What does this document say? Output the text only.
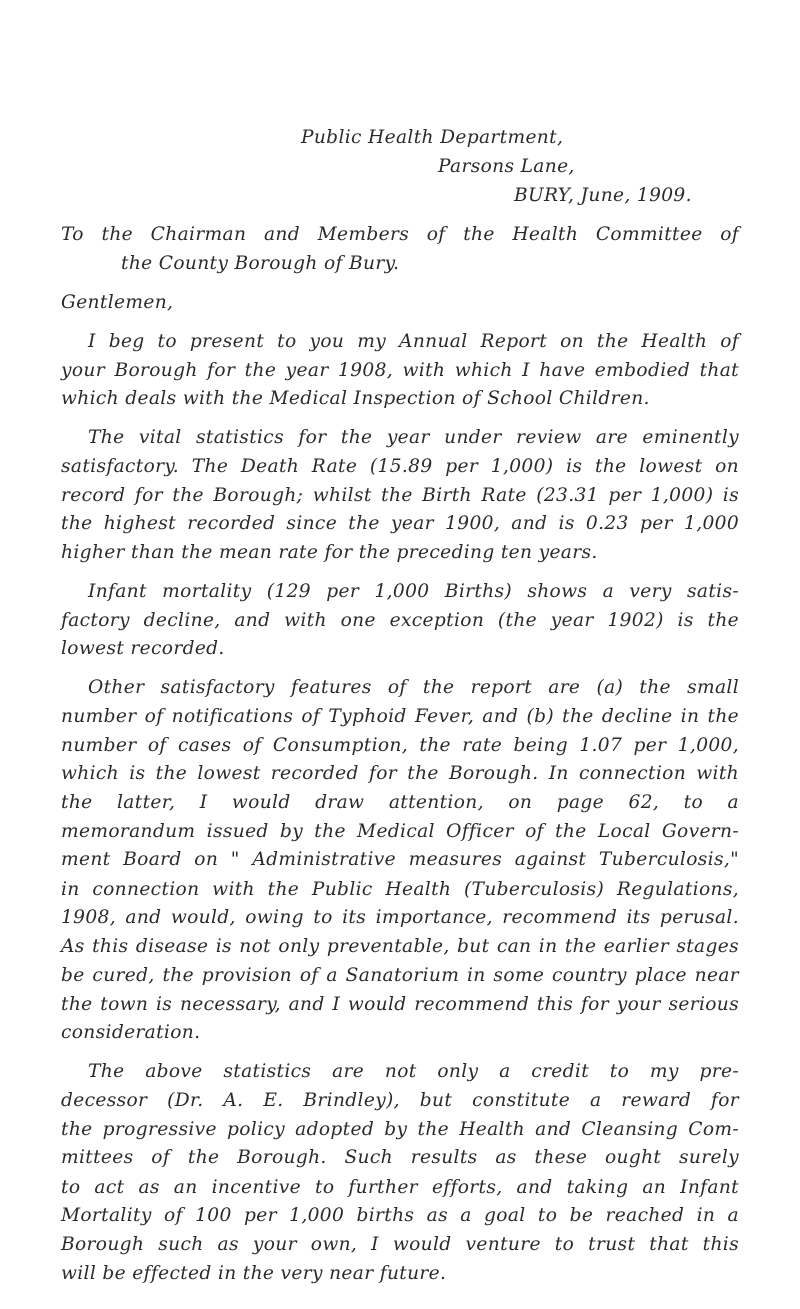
Public Health Department,
Parsons Lane,
BURY, June, 1909.
To the Chairman and Members of the Health Committee of
the County Borough of Bury.
Gentlemen,
I beg to present to you my Annual Report on the Health of
your Borough for the year 1908, with which I have embodied that
which deals with the Medical Inspection of School Children.
The vital statistics for the year under review are eminently
satisfactory. The Death Rate (15.89 per 1,000) is the lowest on
record for the Borough; whilst the Birth Rate (23.31 per 1,000) is
the highest recorded since the year 1900, and is 0.23 per 1,000
higher than the mean rate for the preceding ten years.
Infant mortality (129 per 1,000 Births) shows a very satis-
factory decline, and with one exception (the year 1902) is the
lowest recorded.
Other satisfactory features of the report are (a) the small
number of notifications of Typhoid Fever, and (b) the decline in the
number of cases of Consumption, the rate being 1.07 per 1,000,
which is the lowest recorded for the Borough. In connection with
the latter, I would draw attention, on page 62, to a
memorandum issued by the Medical Officer of the Local Govern-
ment Board on " Administrative measures against Tuberculosis,"
in connection with the Public Health (Tuberculosis) Regulations,
1908, and would, owing to its importance, recommend its perusal.
As this disease is not only preventable, but can in the earlier stages
be cured, the provision of a Sanatorium in some country place near
the town is necessary, and I would recommend this for your serious
consideration.
The above statistics are not only a credit to my pre-
decessor (Dr. A. E. Brindley), but constitute a reward for
the progressive policy adopted by the Health and Cleansing Com-
mittees of the Borough. Such results as these ought surely
to act as an incentive to further efforts, and taking an Infant
Mortality of 100 per 1,000 births as a goal to be reached in a
Borough such as your own, I would venture to trust that this
will be effected in the very near future.
